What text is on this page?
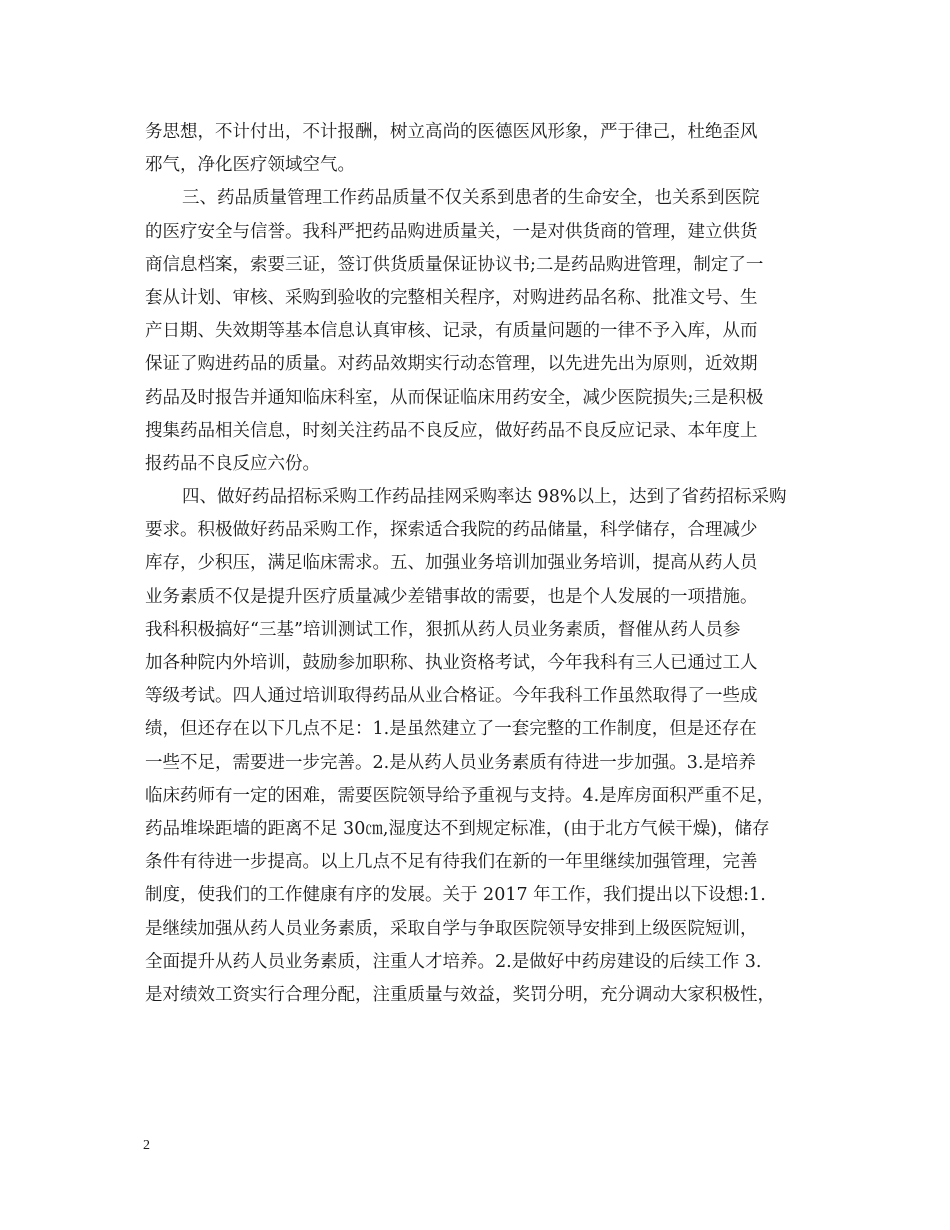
务思想，不计付出，不计报酬，树立高尚的医德医风形象，严于律己，杜绝歪风
邪气，净化医疗领域空气。
三、药品质量管理工作药品质量不仅关系到患者的生命安全，也关系到医院
的医疗安全与信誉。我科严把药品购进质量关，一是对供货商的管理，建立供货
商信息档案，索要三证，签订供货质量保证协议书;二是药品购进管理，制定了一
套从计划、审核、采购到验收的完整相关程序，对购进药品名称、批准文号、生
产日期、失效期等基本信息认真审核、记录，有质量问题的一律不予入库，从而
保证了购进药品的质量。对药品效期实行动态管理，以先进先出为原则，近效期
药品及时报告并通知临床科室，从而保证临床用药安全，减少医院损失;三是积极
搜集药品相关信息，时刻关注药品不良反应，做好药品不良反应记录、本年度上
报药品不良反应六份。
四、做好药品招标采购工作药品挂网采购率达 98%以上，达到了省药招标采购
要求。积极做好药品采购工作，探索适合我院的药品储量，科学储存，合理减少
库存，少积压，满足临床需求。五、加强业务培训加强业务培训，提高从药人员
业务素质不仅是提升医疗质量减少差错事故的需要，也是个人发展的一项措施。
我科积极搞好“三基”培训测试工作，狠抓从药人员业务素质，督催从药人员参
加各种院内外培训，鼓励参加职称、执业资格考试，今年我科有三人已通过工人
等级考试。四人通过培训取得药品从业合格证。今年我科工作虽然取得了一些成
绩，但还存在以下几点不足：1.是虽然建立了一套完整的工作制度，但是还存在
一些不足，需要进一步完善。2.是从药人员业务素质有待进一步加强。3.是培养
临床药师有一定的困难，需要医院领导给予重视与支持。4.是库房面积严重不足，
药品堆垛距墙的距离不足 30㎝,湿度达不到规定标准，(由于北方气候干燥)，储存
条件有待进一步提高。以上几点不足有待我们在新的一年里继续加强管理，完善
制度，使我们的工作健康有序的发展。关于 2017 年工作，我们提出以下设想:1.
是继续加强从药人员业务素质，采取自学与争取医院领导安排到上级医院短训，
全面提升从药人员业务素质，注重人才培养。2.是做好中药房建设的后续工作 3.
是对绩效工资实行合理分配，注重质量与效益，奖罚分明，充分调动大家积极性，
2
